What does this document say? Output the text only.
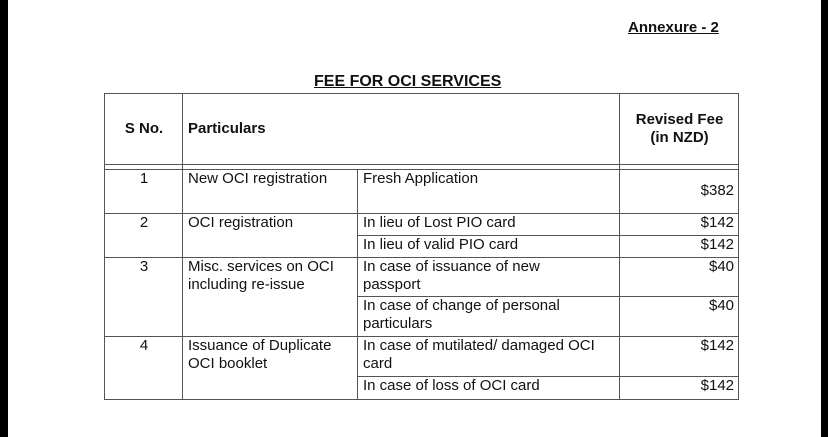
Annexure - 2
FEE FOR OCI SERVICES
S No.	Particulars		Revised Fee
(in NZD)

1	New OCI registration	Fresh Application	$382
2	OCI registration	In lieu of Lost PIO card	$142
		In lieu of valid PIO card	$142
3	Misc. services on OCI including re-issue	In case of issuance of new passport	$40
		In case of change of personal particulars	$40
4	Issuance of Duplicate OCI booklet	In case of mutilated/ damaged OCI card	$142
		In case of loss of OCI card	$142
